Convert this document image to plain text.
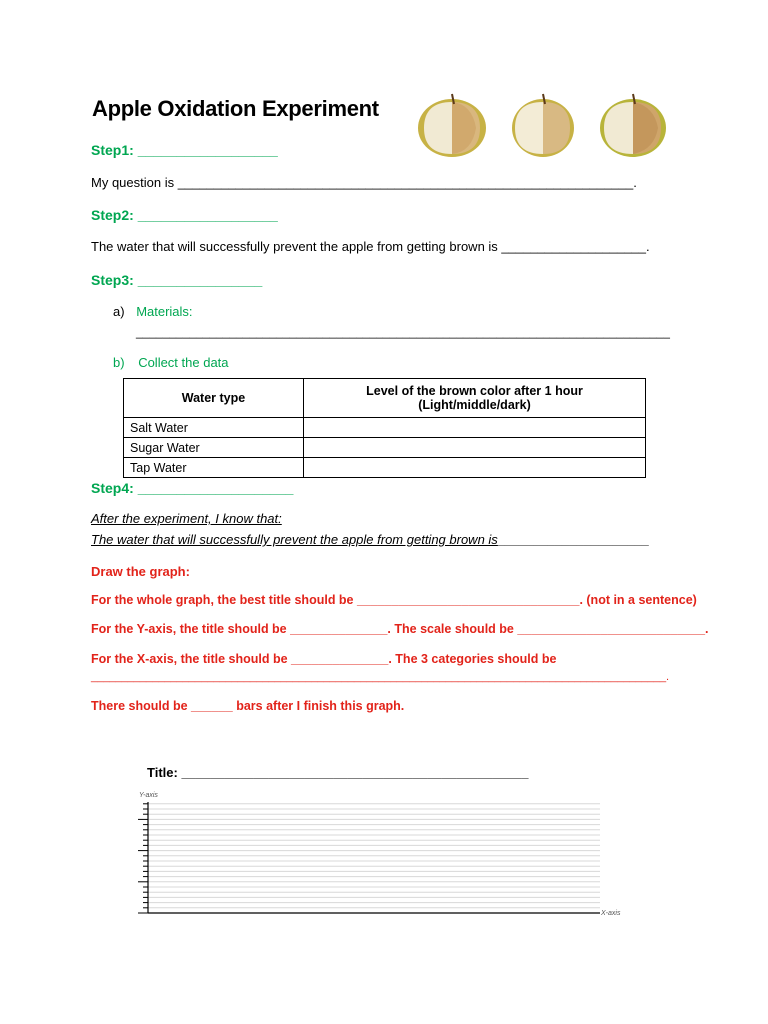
Apple Oxidation Experiment
Step1: __________________
My question is _______________________________________________________________.
Step2: __________________
The water that will successfully prevent the apple from getting brown is ____________________.
Step3: ________________
a) Materials:
________________________________________________________________________________
b) Collect the data
Water type	Level of the brown color after 1 hour
(Light/middle/dark)

Salt Water	
Sugar Water	
Tap Water	
Step4: ____________________
After the experiment, I know that:
The water that will successfully prevent the apple from getting brown is_____________________
Draw the graph:
For the whole graph, the best title should be ________________________________. (not in a sentence)
For the Y-axis, the title should be ______________. The scale should be ___________________________.
For the X-axis, the title should be ______________. The 3 categories should be
______________________________________________________________________________________________.
There should be ______ bars after I finish this graph.
Title: ________________________________________________
Y-axis
X-axis
